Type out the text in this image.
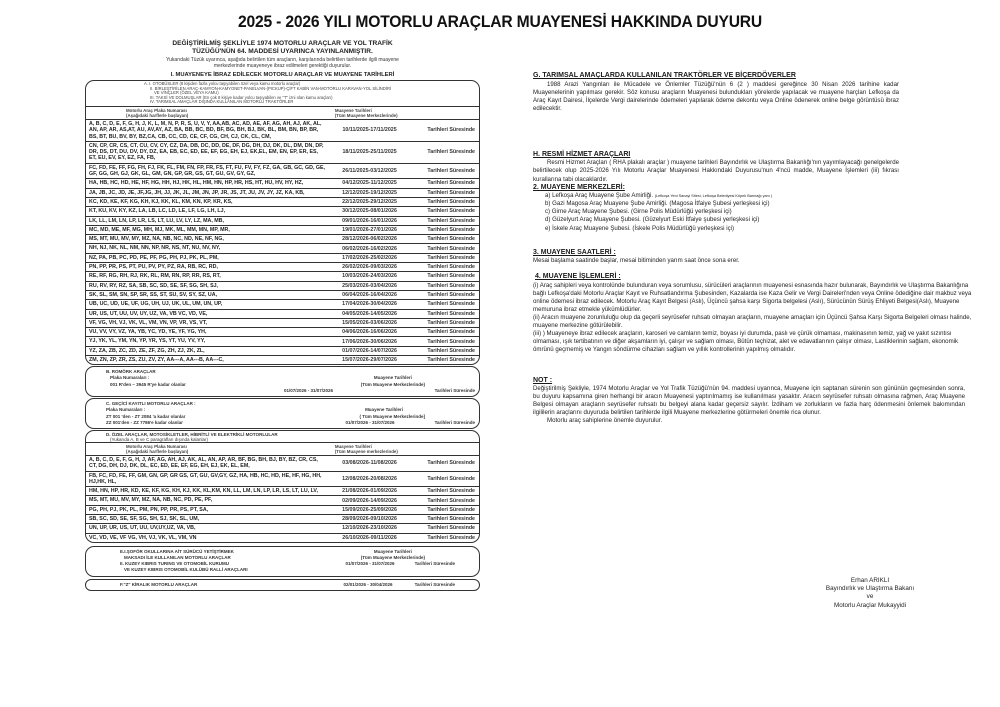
2025 - 2026 YILI MOTORLU ARAÇLAR MUAYENESİ HAKKINDA DUYURU
DEĞİŞTİRİLMİŞ ŞEKLİYLE 1974 MOTORLU ARAÇLAR VE YOL TRAFİK
TÜZÜĞÜ'NÜN 64. MADDESİ UYARINCA YAYINLANMIŞTIR.
Yukarıdaki Tüzük uyarınca, aşağıda belirtilen tüm araçların, karşılarında belirtilen tarihlerde ilgili muayene
merkezlerinde muayeneye ibraz edilmeleri gerektiği duyurulur.
I. MUAYENEYE İBRAZ EDİLECEK MOTORLU ARAÇLAR VE MUAYENE TARİHLERİ
A. I. OTOBÜSLER (8 kişiden fazla yolcu taşıyabilen özel veya kamu motorlu araçlar)
II. BİRLEŞTİRİLEN ARAÇ-KAMYON-KAMYONET-PANELVAN-(PICKUP)-ÇİFT KABİN VAN-MOTORLU KARAVAN-YOL SİLİNDİRİ
VE VİNÇLER (ÖZEL VEYA KAMU)
III. TAKSİ VE DOLMUŞLAR (En çok 8 kişiye kadar yolcu taşıyabilen ve "T" izni olan kamu araçları)
IV. TARIMSAL AMAÇLAR DIŞINDA KULLANILAN MOTORLU TRAKTÖRLER
Motorlu Araç Plaka Numarası
(Aşağıdaki harflerle başlayan)
Muayene Tarihleri
(Tüm Muayene Merkezlerinde)
A, B, C, D, E, F, G, H, J, K, L, M, N, P, R, S, U, V, Y, AA,AB, AC, AD, AE, AF, AG, AH, AJ, AK, AL, AN, AP, AR, AS,AT, AU, AV,AY, AZ, BA, BB, BC, BD, BF, BG, BH, BJ, BK, BL, BM, BN, BP, BR, BS, BT, BU, BV, BY, BZ,CA, CB, CC, CD, CE, CF, CG, CH, CJ, CK, CL, CM,
10/11/2025-17/11/2025	Tarihleri Süresinde
CN, CP, CR, CS, CT, CU, CV, CY, CZ, DA, DB, DC, DD, DE, DF, DG, DH, DJ, DK, DL, DM, DN, DP, DR, DS, DT, DU, DV, DY, DZ, EA, EB, EC, ED, EE, EF, EG, EH, EJ, EK,EL, EM, EN, EP, ER, ES, ET, EU, EV, EY, EZ, FA, FB,
18/11/2025-25/11/2025	Tarihleri Süresinde
FC, FD, FE, FF, FG, FH, FJ, FK, FL, FM, FN, FP, FR, FS, FT, FU, FV, FY, FZ, GA, GB, GC, GD, GE, GF, GG, GH, GJ, GK, GL, GM, GN, GP, GR, GS, GT, GU, GV, GY, GZ,	26/11/2025-03/12/2025	Tarihleri Süresinde
HA, HB, HC, HD, HE, HF, HG, HH, HJ, HK, HL, HM, HN, HP, HR, HS, HT, HU, HV, HY, HZ,	04/12/2025-11/12/2025	Tarihleri Süresinde
JA, JB, JC, JD, JE, JF,JG, JH, JJ, JK, JL, JM, JN, JP, JR, JS, JT, JU, JV, JY, JZ, KA, KB,	12/12/2025-19/12/2025	Tarihleri Süresinde
KC, KD, KE, KF, KG, KH, KJ, KK, KL, KM, KN, KP, KR, KS,	22/12/2025-29/12/2025	Tarihleri Süresinde
KT, KU, KV, KY, KZ, LA, LB, LC, LD, LE, LF, LG, LH, LJ,	30/12/2025-08/01/2026	Tarihleri Süresinde
LK, LL, LM, LN, LP, LR, LS, LT, LU, LV, LY, LZ, MA, MB,	09/01/2026-16/01/2026	Tarihleri Süresinde
MC, MD, ME, MF, MG, MH, MJ, MK, ML, MM, MN, MP, MR,	19/01/2026-27/01/2026	Tarihleri Süresinde
MS, MT, MU, MV, MY, MZ, NA, NB, NC, ND, NE, NF, NG,	28/12/2026-06/02/2026	Tarihleri Süresinde
NH, NJ, NK, NL, NM, NN, NP, NR, NS, NT, NU, NV, NY,	06/02/2026-16/02/2026	Tarihleri Süresinde
NZ, PA, PB, PC, PD, PE, PF, PG, PH, PJ, PK, PL, PM,	17/02/2026-25/02/2026	Tarihleri Süresinde
PN, PP, PR, PS, PT, PU, PV, PY, PZ, RA, RB, RC, RD,	26/02/2026-09/03/2026	Tarihleri Süresinde
RE, RF, RG, RH, RJ, RK, RL, RM, RN, RP, RR, RS, RT,	10/03/2026-24/03/2026	Tarihleri Süresinde
RU, RV, RY, RZ, SA, SB, SC, SD, SE, SF, SG, SH, SJ,	25/03/2026-03/04/2026	Tarihleri Süresinde
SK, SL, SM, SN, SP, SR, SS, ST, SU, SV, SY, SZ, UA,	06/04/2026-16/04/2026	Tarihleri Süresinde
UB, UC, UD, UE, UF, UG, UH, UJ, UK, UL, UM, UN, UP,	17/04/2026-30/04/2026	Tarihleri Süresinde
UR, US, UT, UU, UV, UY, UZ, VA, VB VC, VD, VE,	04/05/2026-14/05/2026	Tarihleri Süresinde
VF, VG, VH, VJ, VK, VL, VM, VN, VP, VR, VS, VT,	15/05/2026-03/06/2026	Tarihleri Süresinde
VU, VV, VY, VZ, YA, YB, YC, YD, YE, YF, YG, YH,	04/06/2026-16/06/2026	Tarihleri Süresinde
YJ, YK, YL, YM, YN, YP, YR, YS, YT, YU, YV, YY,	17/06/2026-30/06/2026	Tarihleri Süresinde
YZ, ZA, ZB, ZC, ZD, ZE, ZF, ZG, ZH, ZJ, ZK, ZL,	01/07/2026-14/07/2026	Tarihleri Süresinde
ZM, ZN, ZP, ZR, ZS, ZU, ZV, ZY, AA---A, AA---B, AA---C,	15/07/2026-29/07/2026	Tarihleri Süresinde
B. ROMÖRK ARAÇLAR
Plaka Numaraları :
001 R'den – 3945 R'ye kadar olanlar
Muayene Tarihleri
(Tüm Muayene Merkezlerinde)
01/07/2026 - 31/07/2026	Tarihleri Süresinde
C. GEÇİCİ KAYITLI MOTORLU ARAÇLAR :
Plaka Numaraları :	Muayene Tarihleri
ZT 001 'den - ZT 2084 'a kadar olanlar	( Tüm Muayene Merkezlerinde]
ZZ 001'den - ZZ 7786'e kadar olanlar	01/07/2026 - 31/07/2026	Tarihleri Süresinde
D. ÖZEL ARAÇLAR, MOTOSİKLETLER, HİBRİTLİ VE ELEKTRİKLİ MOTORLULAR
(Yukarıda A, B ve C paragrafları dışında kalanlar)
Motorlu Araç Plaka Numarası
(Aşağıdaki harflerle başlayan)
Muayene Tarihleri
(Tüm Muayene merkezlerinde)
A, B, C, D, E, F, G, H, J, AF, AG, AH, AJ, AK, AL, AN, AP, AR, BF, BG, BH, BJ, BY, BZ, CR, CS, CT, DG, DH, DJ, DK, DL, EC, ED, EE, EF, EG, EH, EJ, EK, EL, EM,	03/08/2026-11/08/2026	Tarihleri Süresinde
FB, FC, FD, FE, FF, GM, GN, GP, GR GS, GT, GU, GV,GY, GZ, HA, HB, HC, HD, HE, HF, HG, HH, HJ,HK, HL,	12/08/2026-20/08/2026	Tarihleri Süresinde
HM, HN, HP, HR, KD, KE, KF, KG, KH, KJ, KK, KL,KM, KN, LL, LM, LN, LP, LR, LS, LT, LU, LV,	21/08/2026-01/09/2026	Tarihleri Süresinde
MS, MT, MU, MV, MY, MZ, NA, NB, NC, PD, PE, PF,	02/09/2026-14/09/2026	Tarihleri Süresinde
PG, PH, PJ, PK, PL, PM, PN, PP, PR, PS, PT, SA,	15/09/2026-25/09/2026	Tarihleri Süresinde
SB, SC, SD, SE, SF, SG, SH, SJ, SK, SL, UM,	28/09/2026-09/10/2026	Tarihleri Süresinde
UN, UP, UR, US, UT, UU, UV,UY,UZ, VA, VB,	12/10/2026-23/10/2026	Tarihleri Süresinde
VC, VD, VE, VF VG, VH, VJ, VK, VL, VM, VN	26/10/2026-09/11/2026	Tarihleri Süresinde
E.I.ŞOFÖR OKULLARINA AİT SÜRÜCÜ YETİŞTİRMEK
MAKSADI İLE KULLANILAN MOTORLU ARAÇLAR
Muayene Tarihleri
(Tüm Muayene Merkezlerinde)
II. KUZEY KIBRIS TURING VE OTOMOBİL KURUMU
VE KUZEY KIBRIS OTOMOBİL KULÜBÜ RALLİ ARAÇLARI
01/07/2026 - 31/07/2026	Tarihleri Süresinde
F."Z" KİRALIK MOTORLU ARAÇLAR	02/01/2026 - 30/04/2026	Tarihleri Süresinde
G. TARIMSAL AMAÇLARDA KULLANILAN TRAKTÖRLER VE BİÇERDÖVERLER

1988 Arazi Yangınları ile Mücadele ve Önlemler Tüzüğü'nün 6 (2 ) maddesi gereğince 30 Nisan 2026 tarihine kadar Muayenelerinin yapılması gerekir. Söz konusu araçların Muayenesi bulundukları yörelerde yapılacak ve muayene harçları Lefkoşa da Araç Kayıt Dairesi, İlçelerde Vergi dairelerinde ödemeleri yapılarak ödeme dekontu veya Online ödenerek online belge görüntüsü ibraz edilecektir.

H. RESMİ HİZMET ARAÇLARI

Resmi Hizmet Araçları ( RHA plakalı araçlar ) muayene tarihleri Bayındırlık ve Ulaştırma Bakanlığı'nın yayımlayacağı genelgelerde belirtilecek olup 2025-2026 Yılı Motorlu Araçlar Muayenesi Hakkındaki Duyurusu'nun 4'ncü madde, Muayene İşlemleri (iii) fıkrası kurallarına tabi olacaklardır.

2. MUAYENE MERKEZLERİ:
a) Lefkoşa Araç Muayene Şube Amirliği. (Lefkoşa Yeni Sanayi Sitesi, Lefkoşa Belediyesi Köpek Barınağı yanı )
b) Gazi Magosa Araç Muayene Şube Amirliği. (Magosa İtfaiye Şubesi yerleşkesi içi)
c) Girne Araç Muayene Şubesi. (Girne Polis Müdürlüğü yerleşkesi içi)
d) Güzelyurt Araç Muayene Şubesi. (Güzelyurt Eski İtfaiye şubesi yerleşkesi içi)
e) İskele Araç Muayene Şubesi. (İskele Polis Müdürlüğü yerleşkesi içi)
3. MUAYENE SAATLERİ :

Mesai başlama saatinde başlar, mesai bitiminden yarım saat önce sona erer.

4. MUAYENE İŞLEMLERİ :

(i) Araç sahipleri veya kontrolünde bulunduran veya sorumlusu, sürücüleri araçlarının muayenesi esnasında hazır bulunarak, Bayındırlık ve Ulaştırma Bakanlığına bağlı Lefkoşa'daki Motorlu Araçlar Kayıt ve Ruhsatlandırma Şubesinden, Kazalarda ise Kaza Gelir ve Vergi Daireleri'nden veya Online ödediğine dair makbuz veya online ödemesi ibraz edilecek. Motorlu Araç Kayıt Belgesi (Aslı), Üçüncü şahsa karşı Sigorta belgelesi (Aslı), Sürücünün Sürüş Ehliyeti Belgesi(Aslı), Muayene memuruna ibraz etmekle yükümlüdürler.

(ii) Aracın muayene zorunluluğu olup da geçerli seyrüsefer ruhsatı olmayan araçların, muayene amaçları için Üçüncü Şahsa Karşı Sigorta Belgeleri olması halinde, muayene merkezine götürülebilir.

(iii) ) Muayeneye ibraz edilecek araçların, karoseri ve camların temiz, boyası iyi durumda, paslı ve çürük olmaması, makinasının temiz, yağ ve yakıt sızıntısı olmaması, ışık tertibatının ve diğer akşamların iyi, çalışır ve sağlam olması, Bütün teçhizat, alet ve edavatlarının çalışır olması, Lastiklerinin sağlam, ekonomik ömrünü geçmemiş ve Yangın söndürme cihazları sağlam ve yıllık kontrollerinin yapılmış olmalıdır.

NOT :

Değiştirilmiş Şekliyle, 1974 Motorlu Araçlar ve Yol Trafik Tüzüğü'nün 94. maddesi uyarınca, Muayene için saptanan sürenin son gününün geçmesinden sonra, bu duyuru kapsamına giren herhangi bir aracın Muayenesi yaptırılmamış ise kullanılması yasaktır. Aracın seyrüsefer ruhsatı olmasına rağmen, Araç Muayene Belgesi olmayan araçların seyrüsefer ruhsatı bu belgeyi alana kadar geçersiz sayılır. İzdiham ve zorlukların ve fazla harç ödenmesini önlemek bakımından ilgililerin araçlarını duyuruda belirtilen tarihlerde ilgili Muayene merkezlerine götürmeleri önemle rica olunur.

Motorlu araç sahiplerine önemle duyurulur.

Erhan ARIKLI
Bayındırlık ve Ulaştırma Bakanı
ve
Motorlu Araçlar Mukayyidi
